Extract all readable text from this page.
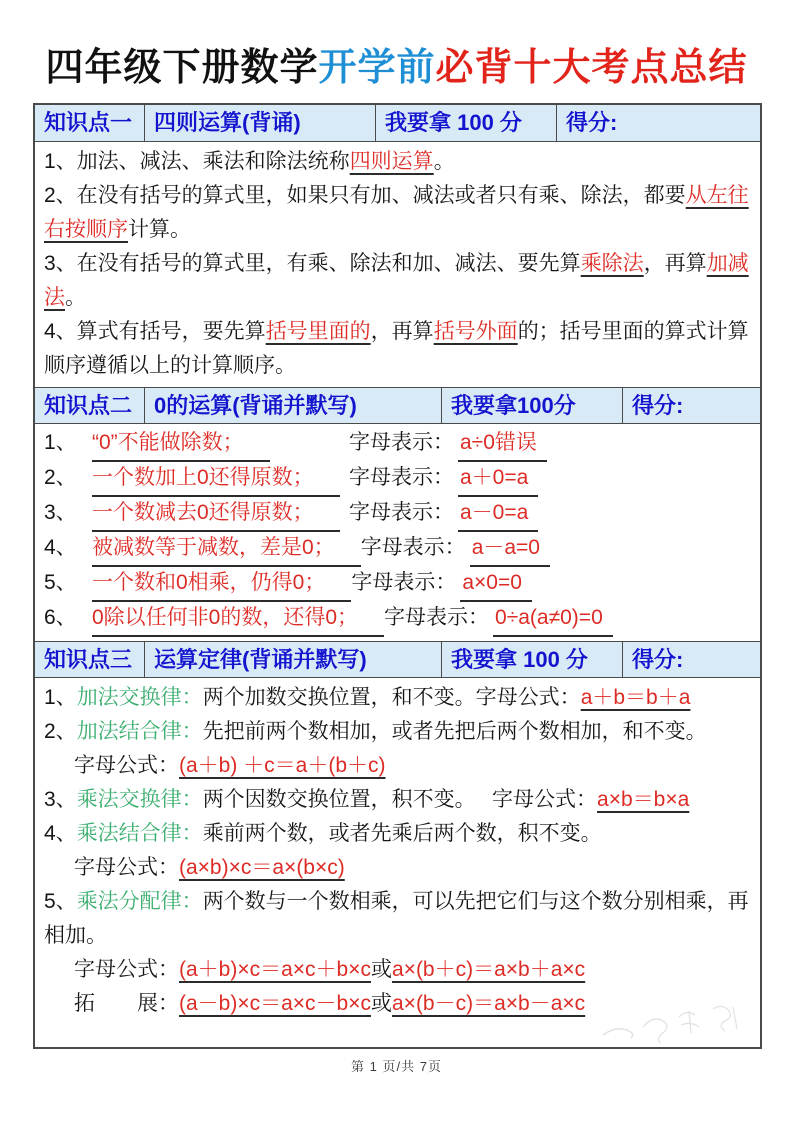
四年级下册数学开学前必背十大考点总结
知识点一 四则运算(背诵)	我要拿 100 分	得分:
1、加法、减法、乘法和除法统称四则运算。
2、在没有括号的算式里，如果只有加、减法或者只有乘、除法，都要从左往右按顺序计算。
3、在没有括号的算式里，有乘、除法和加、减法、要先算乘除法，再算加减法。
4、算式有括号，要先算括号里面的，再算括号外面的；括号里面的算式计算顺序遵循以上的计算顺序。
知识点二 0的运算(背诵并默写)	我要拿100分	得分:
1、 “0”不能做除数；	字母表示： a÷0错误
2、 一个数加上0还得原数；	字母表示： a＋0=a
3、 一个数减去0还得原数；	字母表示： a－0=a
4、 被减数等于减数，差是0；	字母表示： a－a=0
5、 一个数和0相乘，仍得0；	字母表示： a×0=0
6、 0除以任何非0的数，还得0；	字母表示： 0÷a(a≠0)=0
知识点三 运算定律(背诵并默写)	我要拿 100 分	得分:
1、加法交换律：两个加数交换位置，和不变。字母公式：a＋b＝b＋a
2、加法结合律：先把前两个数相加，或者先把后两个数相加，和不变。
字母公式：(a＋b) ＋c＝a＋(b＋c)
3、乘法交换律：两个因数交换位置，积不变。　 字母公式：a×b＝b×a
4、乘法结合律：乘前两个数，或者先乘后两个数，积不变。
字母公式：(a×b)×c＝a×(b×c)
5、乘法分配律：两个数与一个数相乘，可以先把它们与这个数分别相乘，再相加。
字母公式：(a＋b)×c＝a×c＋b×c或a×(b＋c)＝a×b＋a×c
拓　　展：(a－b)×c＝a×c－b×c或a×(b－c)＝a×b－a×c
第 1 页/共 7页
